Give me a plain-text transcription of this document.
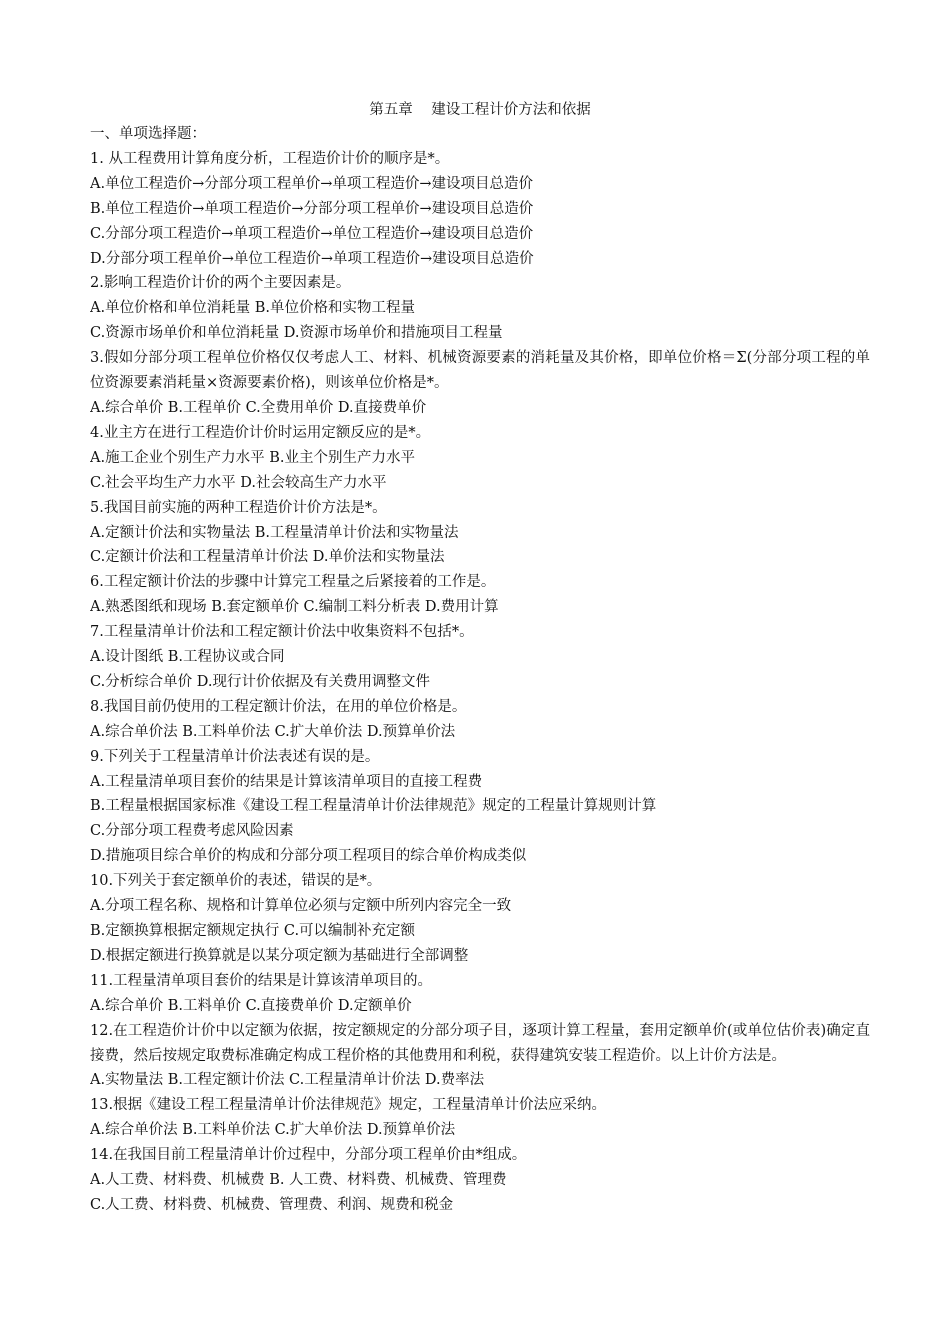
第五章    建设工程计价方法和依据
一、单项选择题：
1. 从工程费用计算角度分析，工程造价计价的顺序是*。
A.单位工程造价→分部分项工程单价→单项工程造价→建设项目总造价
B.单位工程造价→单项工程造价→分部分项工程单价→建设项目总造价
C.分部分项工程造价→单项工程造价→单位工程造价→建设项目总造价
D.分部分项工程单价→单位工程造价→单项工程造价→建设项目总造价
2.影响工程造价计价的两个主要因素是。
A.单位价格和单位消耗量 B.单位价格和实物工程量
C.资源市场单价和单位消耗量 D.资源市场单价和措施项目工程量
3.假如分部分项工程单位价格仅仅考虑人工、材料、机械资源要素的消耗量及其价格，即单位价格＝Σ(分部分项工程的单位资源要素消耗量×资源要素价格)，则该单位价格是*。
A.综合单价 B.工程单价 C.全费用单价 D.直接费单价
4.业主方在进行工程造价计价时运用定额反应的是*。
A.施工企业个别生产力水平 B.业主个别生产力水平
C.社会平均生产力水平 D.社会较高生产力水平
5.我国目前实施的两种工程造价计价方法是*。
A.定额计价法和实物量法 B.工程量清单计价法和实物量法
C.定额计价法和工程量清单计价法 D.单价法和实物量法
6.工程定额计价法的步骤中计算完工程量之后紧接着的工作是。
A.熟悉图纸和现场 B.套定额单价 C.编制工料分析表 D.费用计算
7.工程量清单计价法和工程定额计价法中收集资料不包括*。
A.设计图纸 B.工程协议或合同
C.分析综合单价 D.现行计价依据及有关费用调整文件
8.我国目前仍使用的工程定额计价法，在用的单位价格是。
A.综合单价法 B.工料单价法 C.扩大单价法 D.预算单价法
9.下列关于工程量清单计价法表述有误的是。
A.工程量清单项目套价的结果是计算该清单项目的直接工程费
B.工程量根据国家标准《建设工程工程量清单计价法律规范》规定的工程量计算规则计算
C.分部分项工程费考虑风险因素
D.措施项目综合单价的构成和分部分项工程项目的综合单价构成类似
10.下列关于套定额单价的表述，错误的是*。
A.分项工程名称、规格和计算单位必须与定额中所列内容完全一致
B.定额换算根据定额规定执行 C.可以编制补充定额
D.根据定额进行换算就是以某分项定额为基础进行全部调整
11.工程量清单项目套价的结果是计算该清单项目的。
A.综合单价 B.工料单价 C.直接费单价 D.定额单价
12.在工程造价计价中以定额为依据，按定额规定的分部分项子目，逐项计算工程量，套用定额单价(或单位估价表)确定直接费，然后按规定取费标准确定构成工程价格的其他费用和利税，获得建筑安装工程造价。以上计价方法是。
A.实物量法 B.工程定额计价法 C.工程量清单计价法 D.费率法
13.根据《建设工程工程量清单计价法律规范》规定，工程量清单计价法应采纳。
A.综合单价法 B.工料单价法 C.扩大单价法 D.预算单价法
14.在我国目前工程量清单计价过程中，分部分项工程单价由*组成。
A.人工费、材料费、机械费 B. 人工费、材料费、机械费、管理费
C.人工费、材料费、机械费、管理费、利润、规费和税金
